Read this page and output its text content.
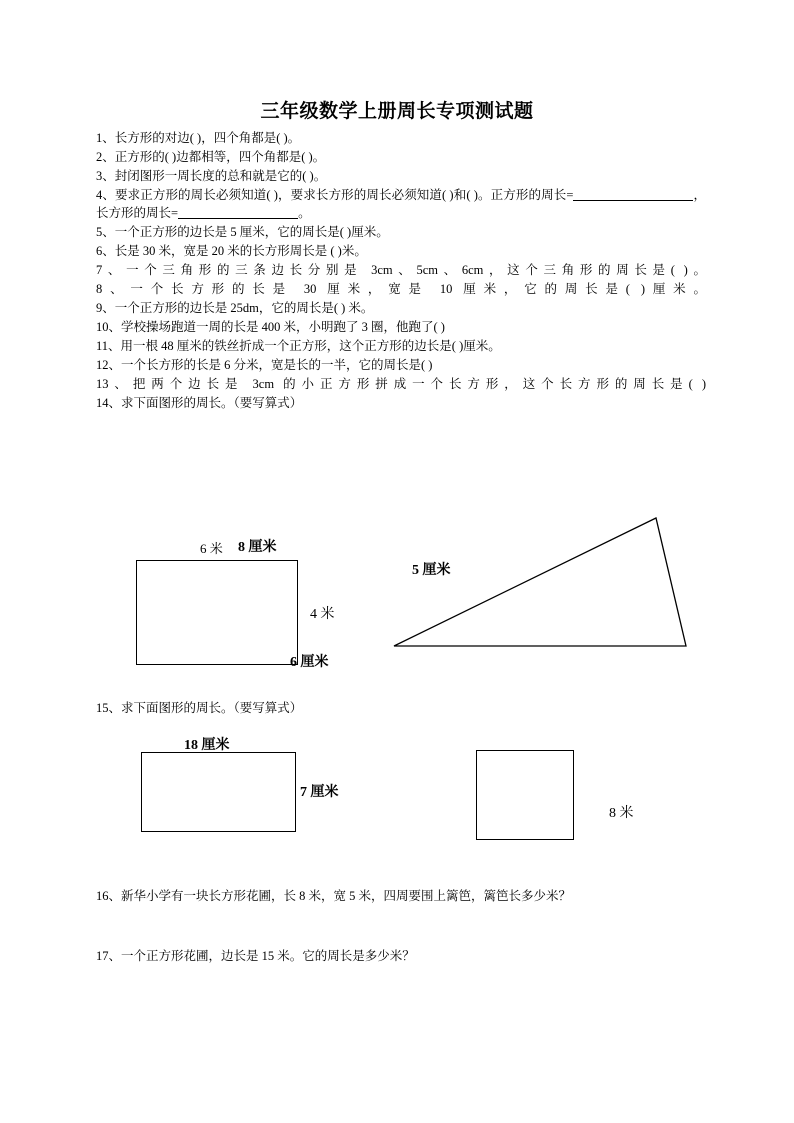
三年级数学上册周长专项测试题

1、长方形的对边( )，四个角都是( )。

2、正方形的( )边都相等，四个角都是( )。

3、封闭图形一周长度的总和就是它的( )。

4、要求正方形的周长必须知道( )，要求长方形的周长必须知道( )和( )。正方形的周长=	，长方形的周长=	。

5、一个正方形的边长是 5 厘米，它的周长是( )厘米。

6、长是 30 米，宽是 20 米的长方形周长是 ( )米。

7、一个三角形的三条边长分别是 3cm、5cm、6cm，这个三角形的周长是( )。

8、一个长方形的长是 30 厘米，宽是 10 厘米，它的周长是( )厘米。

9、一个正方形的边长是 25dm，它的周长是( ) 米。

10、学校操场跑道一周的长是 400 米，小明跑了 3 圈，他跑了( )

11、用一根 48 厘米的铁丝折成一个正方形，这个正方形的边长是( )厘米。

12、一个长方形的长是 6 分米，宽是长的一半，它的周长是( )

13、把两个边长是 3cm 的小正方形拼成一个长方形，这个长方形的周长是( )

14、求下面图形的周长。（要写算式）

6 米
4 米
8 厘米
5 厘米
6 厘米
15、求下面图形的周长。（要写算式）
18 厘米
7 厘米
8 米
16、新华小学有一块长方形花圃，长 8 米，宽 5 米，四周要围上篱笆，篱笆长多少米？
17、一个正方形花圃，边长是 15 米。它的周长是多少米？
